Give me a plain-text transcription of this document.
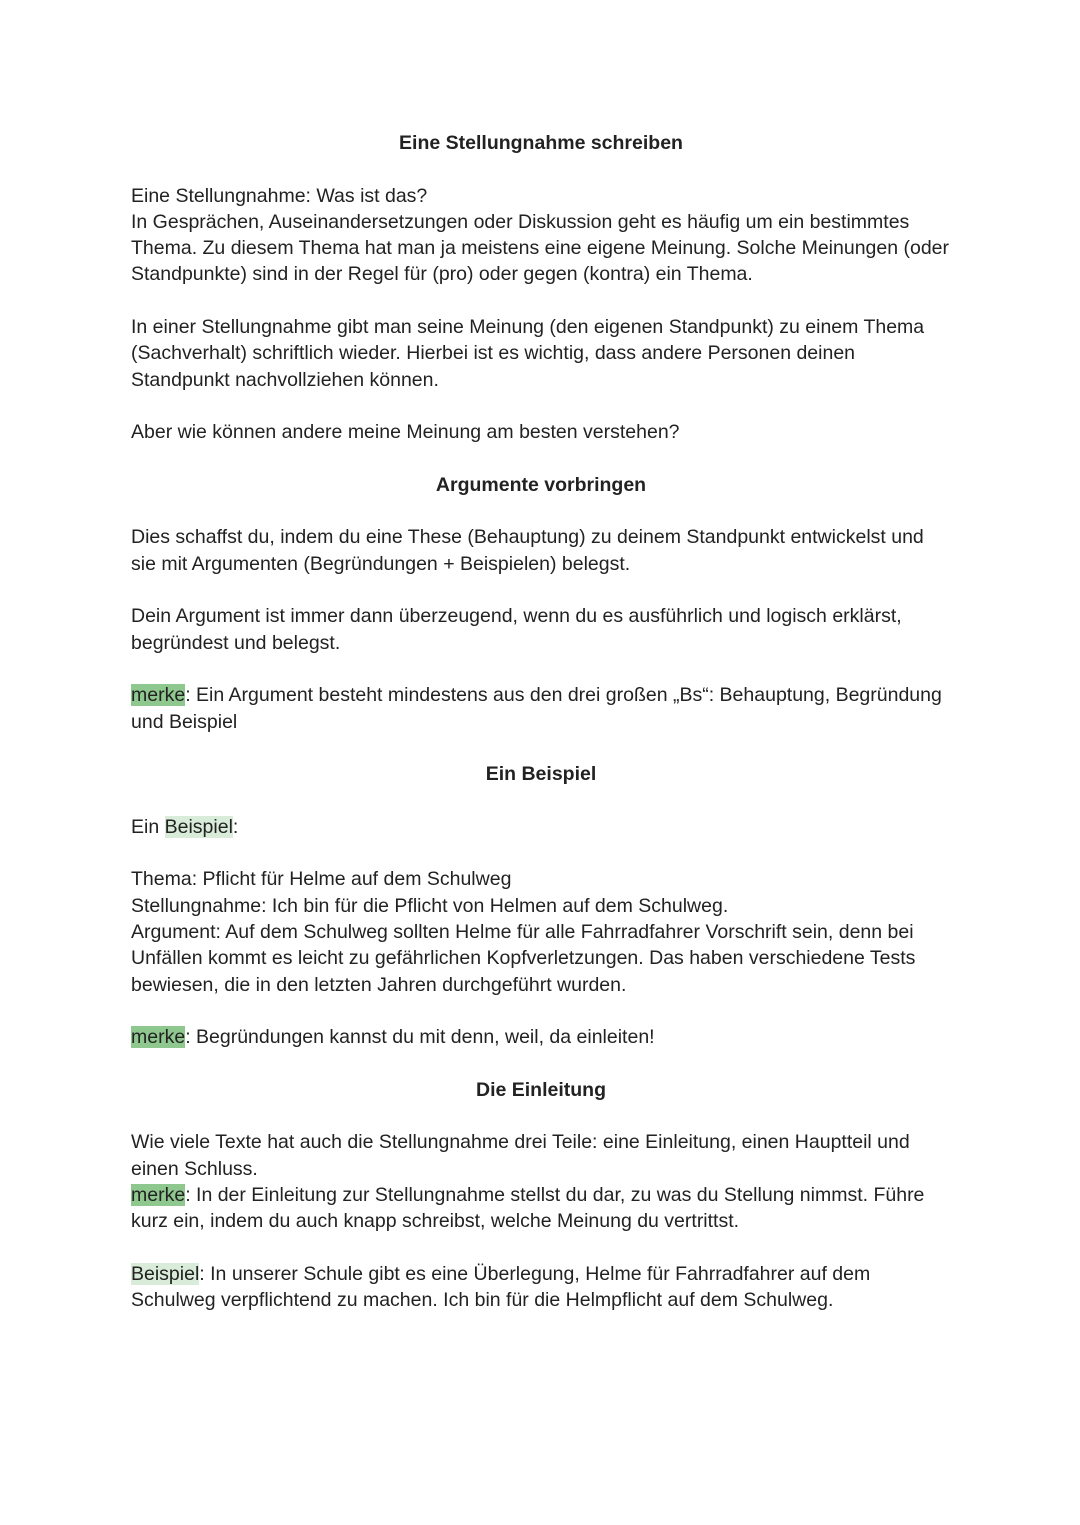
Eine Stellungnahme schreiben

Eine Stellungnahme: Was ist das?

In Gesprächen, Auseinandersetzungen oder Diskussion geht es häufig um ein bestimmtes Thema. Zu diesem Thema hat man ja meistens eine eigene Meinung. Solche Meinungen (oder Standpunkte) sind in der Regel für (pro) oder gegen (kontra) ein Thema.

In einer Stellungnahme gibt man seine Meinung (den eigenen Standpunkt) zu einem Thema (Sachverhalt) schriftlich wieder. Hierbei ist es wichtig, dass andere Personen deinen Standpunkt nachvollziehen können.

Aber wie können andere meine Meinung am besten verstehen?

Argumente vorbringen

Dies schaffst du, indem du eine These (Behauptung) zu deinem Standpunkt entwickelst und sie mit Argumenten (Begründungen + Beispielen) belegst.

Dein Argument ist immer dann überzeugend, wenn du es ausführlich und logisch erklärst, begründest und belegst.

merke: Ein Argument besteht mindestens aus den drei großen „Bs“: Behauptung, Begründung und Beispiel

Ein Beispiel

Ein Beispiel:

Thema: Pflicht für Helme auf dem Schulweg

Stellungnahme: Ich bin für die Pflicht von Helmen auf dem Schulweg.

Argument: Auf dem Schulweg sollten Helme für alle Fahrradfahrer Vorschrift sein, denn bei Unfällen kommt es leicht zu gefährlichen Kopfverletzungen. Das haben verschiedene Tests bewiesen, die in den letzten Jahren durchgeführt wurden.

merke: Begründungen kannst du mit denn, weil, da einleiten!

Die Einleitung

Wie viele Texte hat auch die Stellungnahme drei Teile: eine Einleitung, einen Hauptteil und einen Schluss.

merke: In der Einleitung zur Stellungnahme stellst du dar, zu was du Stellung nimmst. Führe kurz ein, indem du auch knapp schreibst, welche Meinung du vertrittst.

Beispiel: In unserer Schule gibt es eine Überlegung, Helme für Fahrradfahrer auf dem Schulweg verpflichtend zu machen. Ich bin für die Helmpflicht auf dem Schulweg.
